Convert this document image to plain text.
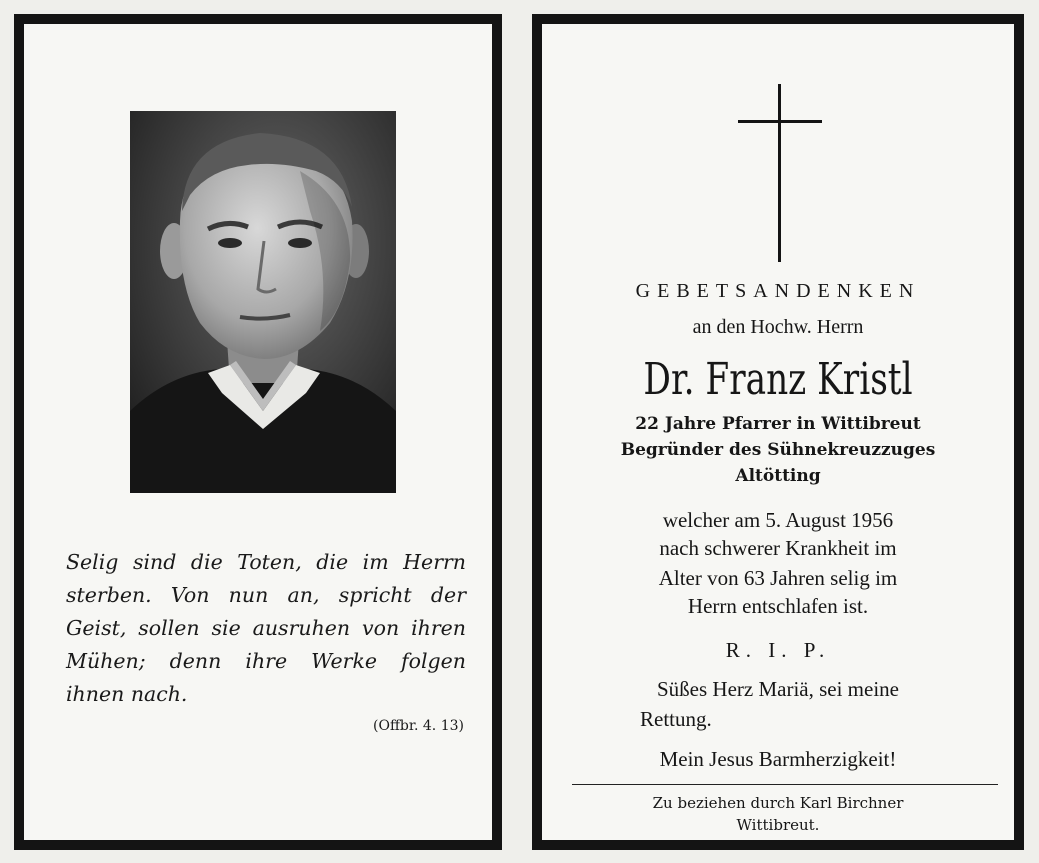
Selig sind die Toten, die im Herrn
sterben. Von nun an, spricht der
Geist, sollen sie ausruhen von ihren
Mühen; denn ihre Werke folgen
ihnen nach.
(Offbr. 4. 13)
GEBETSANDENKEN
an den Hochw. Herrn
Dr. Franz Kristl
22 Jahre Pfarrer in Wittibreut
Begründer des Sühnekreuzzuges
Altötting
welcher am 5. August 1956
nach schwerer Krankheit im
Alter von 63 Jahren selig im
Herrn entschlafen ist.
R. I. P.
Süßes Herz Mariä, sei meine
Rettung.
Mein Jesus Barmherzigkeit!
Zu beziehen durch Karl Birchner
Wittibreut.
